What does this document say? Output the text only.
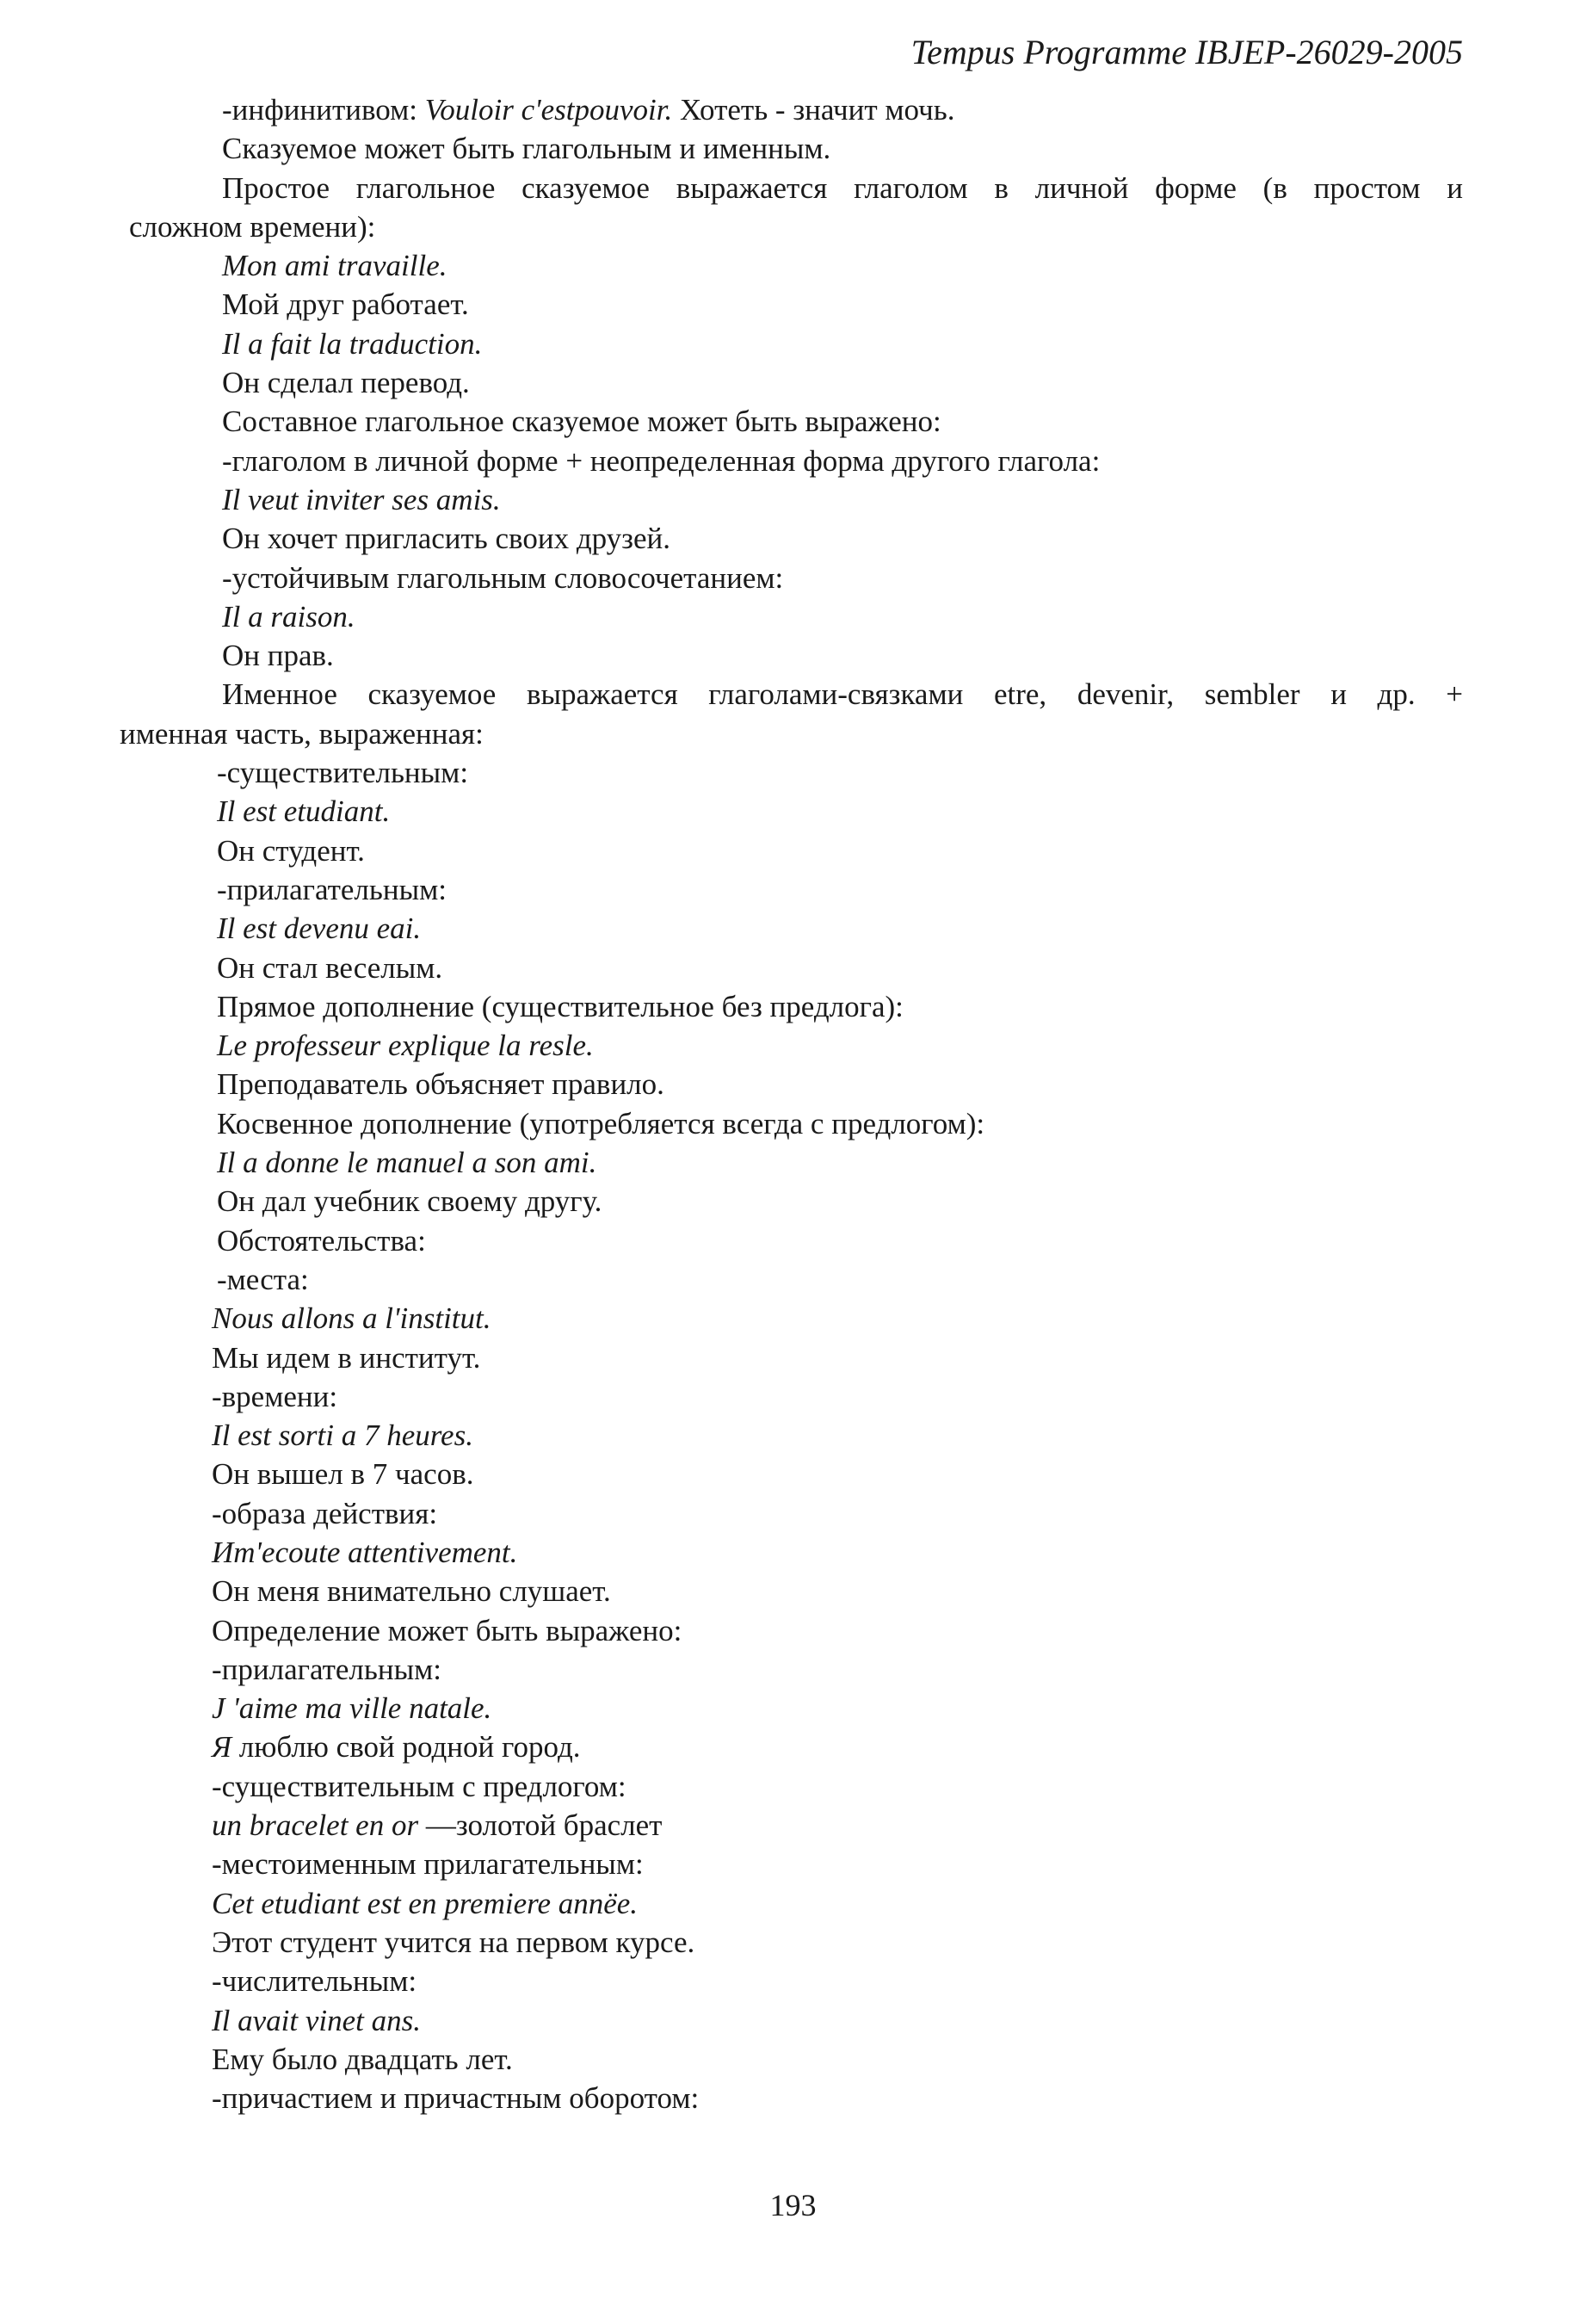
Tempus Programme IBJEP-26029-2005

-инфинитивом: Vouloir c'estpouvoir. Хотеть - значит мочь.

Сказуемое может быть глагольным и именным.

Простое глагольное сказуемое выражается глаголом в личной форме (в простом и

сложном времени):

Mon ami travaille.

Мой друг работает.

Il a fait la traduction.

Он сделал перевод.

Составное глагольное сказуемое может быть выражено:

-глаголом в личной форме + неопределенная форма другого глагола:

Il veut inviter ses amis.

Он хочет пригласить своих друзей.

-устойчивым глагольным словосочетанием:

Il a raison.

Он прав.

Именное сказуемое выражается глаголами-связками etre, devenir, sembler и др. +

именная часть, выраженная:

-существительным:

Il est etudiant.

Он студент.

-прилагательным:

Il est devenu eai.

Он стал веселым.

Прямое дополнение (существительное без предлога):

Le professeur explique la resle.

Преподаватель объясняет правило.

Косвенное дополнение (употребляется всегда с предлогом):

Il a donne le manuel a son ami.

Он дал учебник своему другу.

Обстоятельства:

-места:

Nous allons a l'institut.

Мы идем в институт.

-времени:

Il est sorti a 7 heures.

Он вышел в 7 часов.

-образа действия:

Иm'ecoute attentivement.

Он меня внимательно слушает.

Определение может быть выражено:

-прилагательным:

J 'aime ma ville natale.

Я люблю свой родной город.

-существительным с предлогом:

un bracelet en or —золотой браслет

-местоименным прилагательным:

Cet etudiant est en premiere annёe.

Этот студент учится на первом курсе.

-числительным:

Il avait vinet ans.

Ему было двадцать лет.

-причастием и причастным оборотом:

193
